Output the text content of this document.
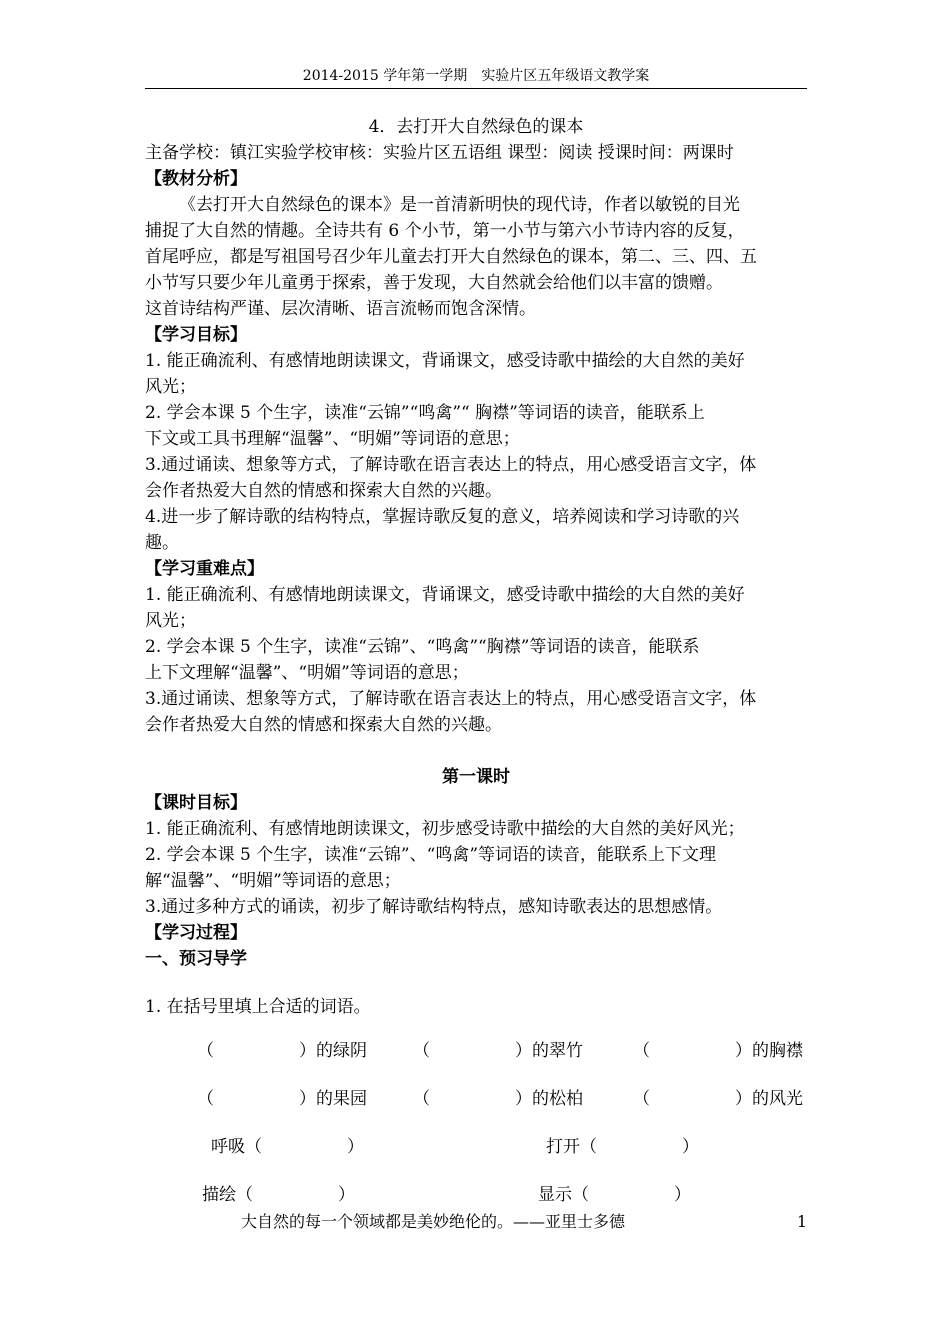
2014-2015 学年第一学期　实验片区五年级语文教学案
4．去打开大自然绿色的课本
主备学校：镇江实验学校审核：实验片区五语组 课型：阅读 授课时间：两课时
【教材分析】
《去打开大自然绿色的课本》是一首清新明快的现代诗，作者以敏锐的目光
捕捉了大自然的情趣。全诗共有 6 个小节，第一小节与第六小节诗内容的反复，
首尾呼应，都是写祖国号召少年儿童去打开大自然绿色的课本，第二、三、四、五
小节写只要少年儿童勇于探索，善于发现，大自然就会给他们以丰富的馈赠。
这首诗结构严谨、层次清晰、语言流畅而饱含深情。
【学习目标】
1. 能正确流利、有感情地朗读课文，背诵课文，感受诗歌中描绘的大自然的美好
风光；
2. 学会本课 5 个生字，读准“云锦”“鸣禽”“ 胸襟”等词语的读音，能联系上
下文或工具书理解“温馨”、“明媚”等词语的意思；
3.通过诵读、想象等方式，了解诗歌在语言表达上的特点，用心感受语言文字，体
会作者热爱大自然的情感和探索大自然的兴趣。
4.进一步了解诗歌的结构特点，掌握诗歌反复的意义，培养阅读和学习诗歌的兴
趣。
【学习重难点】
1. 能正确流利、有感情地朗读课文，背诵课文，感受诗歌中描绘的大自然的美好
风光；
2. 学会本课 5 个生字，读准“云锦”、“鸣禽”“胸襟”等词语的读音，能联系
上下文理解“温馨”、“明媚”等词语的意思；
3.通过诵读、想象等方式，了解诗歌在语言表达上的特点，用心感受语言文字，体
会作者热爱大自然的情感和探索大自然的兴趣。
第一课时
【课时目标】
1. 能正确流利、有感情地朗读课文，初步感受诗歌中描绘的大自然的美好风光；
2. 学会本课 5 个生字，读准“云锦”、“鸣禽”等词语的读音，能联系上下文理
解“温馨”、“明媚”等词语的意思；
3.通过多种方式的诵读，初步了解诗歌结构特点，感知诗歌表达的思想感情。
【学习过程】
一、预习导学
1. 在括号里填上合适的词语。
（　　　　　）的绿阴	（　　　　　）的翠竹	（　　　　　）的胸襟
（　　　　　）的果园	（　　　　　）的松柏	（　　　　　）的风光
呼吸（　　　　　）	打开（　　　　　）
描绘（　　　　　）	显示（　　　　　）
大自然的每一个领域都是美妙绝伦的。——亚里士多德	1
